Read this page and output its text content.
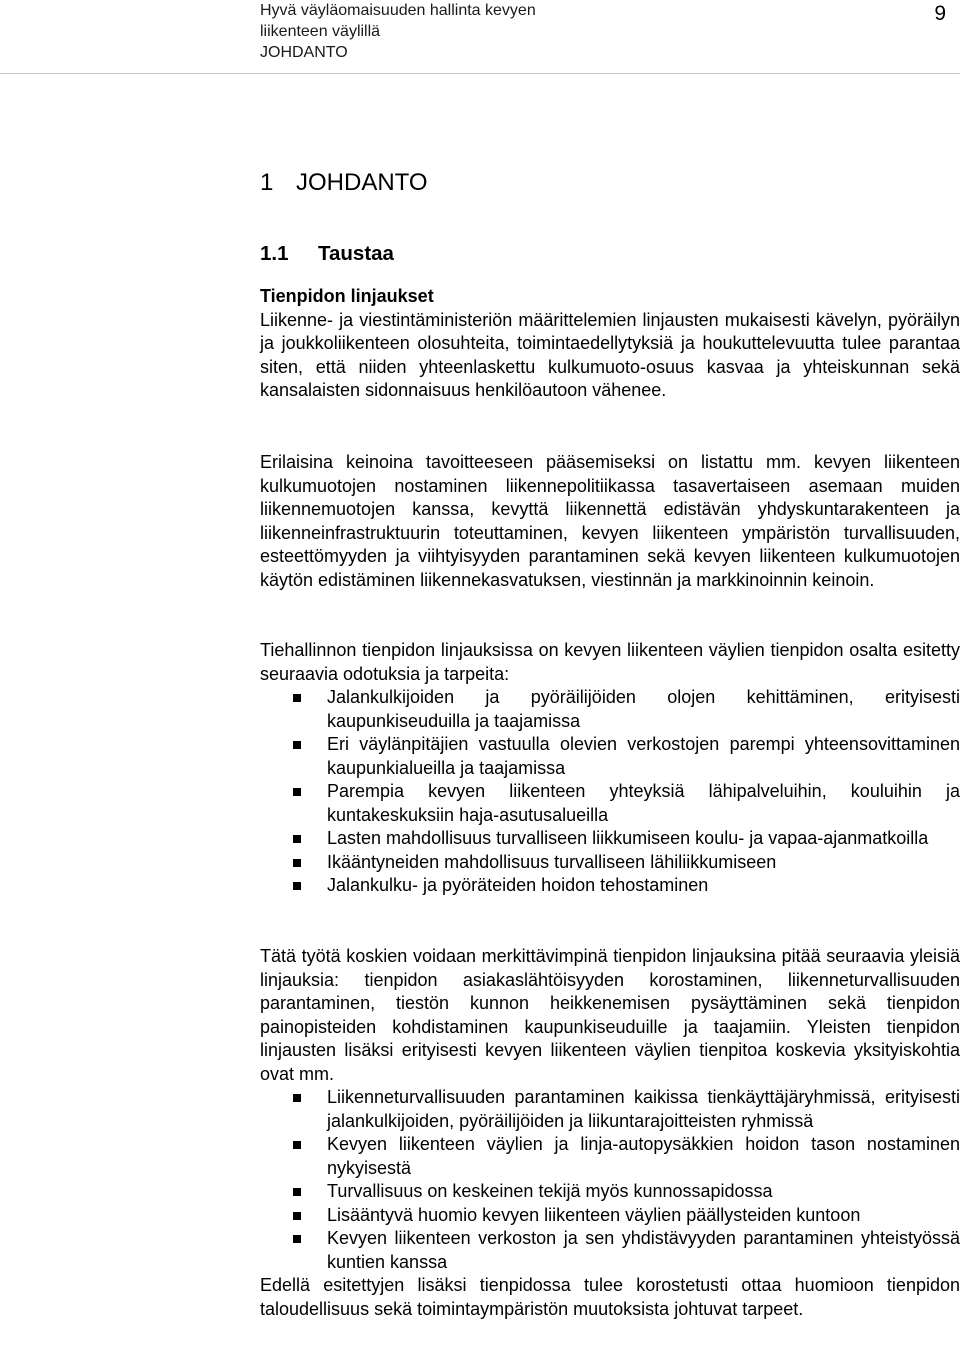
Hyvä väyläomaisuuden hallinta kevyen
liikenteen väylillä
JOHDANTO
9
1 JOHDANTO
1.1 Taustaa
Tienpidon linjaukset

Liikenne- ja viestintäministeriön määrittelemien linjausten mukaisesti kävelyn, pyöräilyn ja joukkoliikenteen olosuhteita, toimintaedellytyksiä ja houkuttelevuutta tulee parantaa siten, että niiden yhteenlaskettu kulkumuoto-osuus kasvaa ja yhteiskunnan sekä kansalaisten sidonnaisuus henkilöautoon vähenee.

Erilaisina keinoina tavoitteeseen pääsemiseksi on listattu mm. kevyen liikenteen kulkumuotojen nostaminen liikennepolitiikassa tasavertaiseen asemaan muiden liikennemuotojen kanssa, kevyttä liikennettä edistävän yhdyskuntarakenteen ja liikenneinfrastruktuurin toteuttaminen, kevyen liikenteen ympäristön turvallisuuden, esteettömyyden ja viihtyisyyden parantaminen sekä kevyen liikenteen kulkumuotojen käytön edistäminen liikennekasvatuksen, viestinnän ja markkinoinnin keinoin.

Tiehallinnon tienpidon linjauksissa on kevyen liikenteen väylien tienpidon osalta esitetty seuraavia odotuksia ja tarpeita:

Jalankulkijoiden ja pyöräilijöiden olojen kehittäminen, erityisesti kaupunkiseuduilla ja taajamissa
Eri väylänpitäjien vastuulla olevien verkostojen parempi yhteensovittaminen kaupunkialueilla ja taajamissa
Parempia kevyen liikenteen yhteyksiä lähipalveluihin, kouluihin ja kuntakeskuksiin haja-asutusalueilla
Lasten mahdollisuus turvalliseen liikkumiseen koulu- ja vapaa-ajanmatkoilla
Ikääntyneiden mahdollisuus turvalliseen lähiliikkumiseen
Jalankulku- ja pyöräteiden hoidon tehostaminen

Tätä työtä koskien voidaan merkittävimpinä tienpidon linjauksina pitää seuraavia yleisiä linjauksia: tienpidon asiakaslähtöisyyden korostaminen, liikenneturvallisuuden parantaminen, tiestön kunnon heikkenemisen pysäyttäminen sekä tienpidon painopisteiden kohdistaminen kaupunkiseuduille ja taajamiin. Yleisten tienpidon linjausten lisäksi erityisesti kevyen liikenteen väylien tienpitoa koskevia yksityiskohtia ovat mm.

Liikenneturvallisuuden parantaminen kaikissa tienkäyttäjäryhmissä, erityisesti jalankulkijoiden, pyöräilijöiden ja liikuntarajoitteisten ryhmissä
Kevyen liikenteen väylien ja linja-autopysäkkien hoidon tason nostaminen nykyisestä
Turvallisuus on keskeinen tekijä myös kunnossapidossa
Lisääntyvä huomio kevyen liikenteen väylien päällysteiden kuntoon
Kevyen liikenteen verkoston ja sen yhdistävyyden parantaminen yhteistyössä kuntien kanssa

Edellä esitettyjen lisäksi tienpidossa tulee korostetusti ottaa huomioon tienpidon taloudellisuus sekä toimintaympäristön muutoksista johtuvat tarpeet.
